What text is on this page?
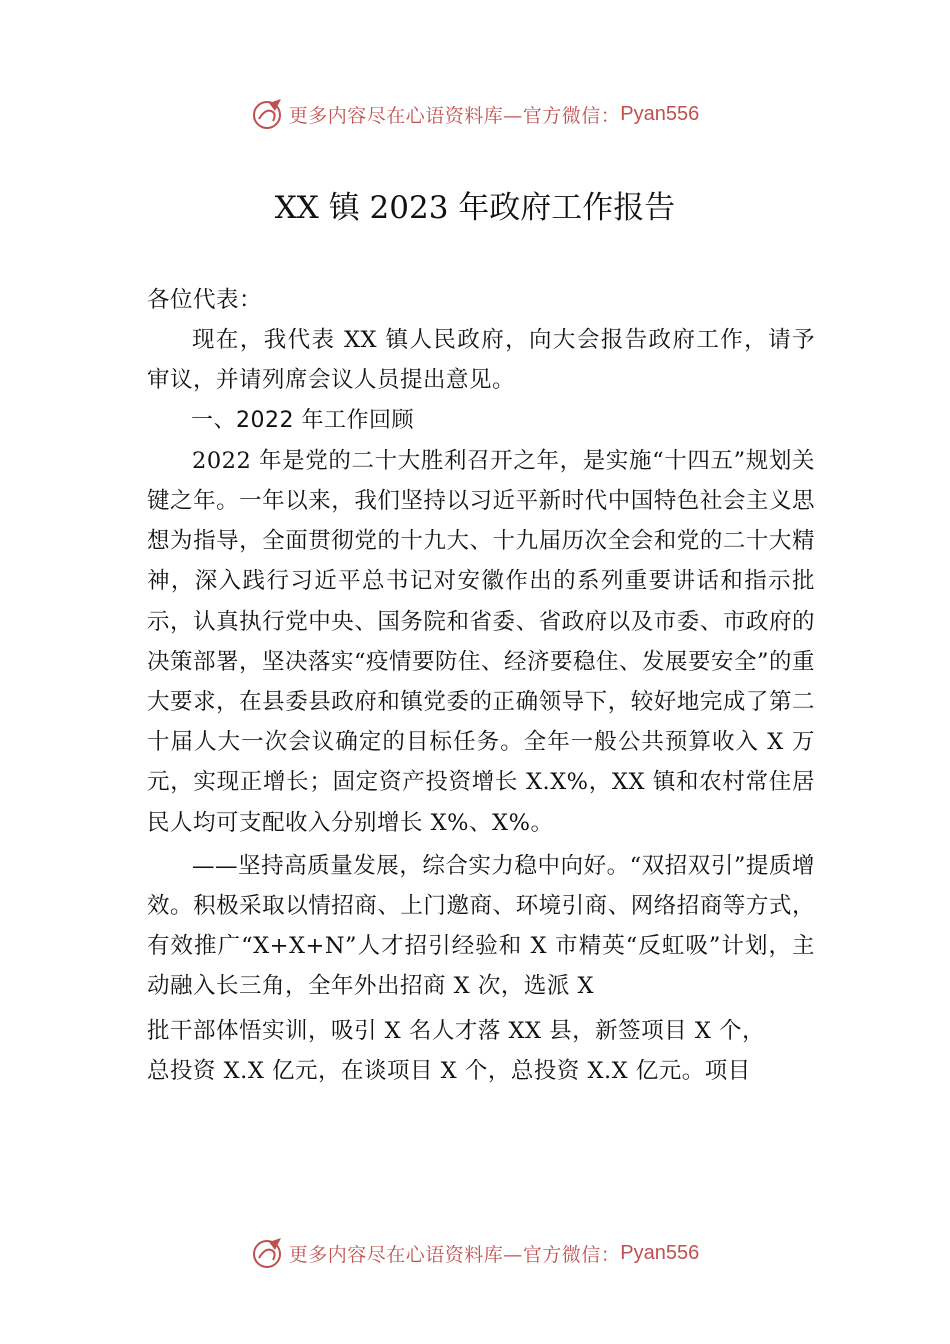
更多内容尽在心语资料库—官方微信： Pyan556
XX 镇 2023 年政府工作报告

各位代表：

现在，我代表 XX 镇人民政府，向大会报告政府工作，请予审议，并请列席会议人员提出意见。

一、2022 年工作回顾

2022 年是党的二十大胜利召开之年，是实施“十四五”规划关键之年。一年以来，我们坚持以习近平新时代中国特色社会主义思想为指导，全面贯彻党的十九大、十九届历次全会和党的二十大精神，深入践行习近平总书记对安徽作出的系列重要讲话和指示批示，认真执行党中央、国务院和省委、省政府以及市委、市政府的决策部署，坚决落实“疫情要防住、经济要稳住、发展要安全”的重大要求，在县委县政府和镇党委的正确领导下，较好地完成了第二十届人大一次会议确定的目标任务。全年一般公共预算收入 X 万元，实现正增长；固定资产投资增长 X.X%，XX 镇和农村常住居民人均可支配收入分别增长 X%、X%。

——坚持高质量发展，综合实力稳中向好。“双招双引”提质增效。积极采取以情招商、上门邀商、环境引商、网络招商等方式，有效推广“X+X+N”人才招引经验和 X 市精英“反虹吸”计划，主动融入长三角，全年外出招商 X 次，选派 X

批干部体悟实训，吸引 X 名人才落 XX 县，新签项目 X 个，

总投资 X.X 亿元，在谈项目 X 个，总投资 X.X 亿元。项目

更多内容尽在心语资料库—官方微信： Pyan556
